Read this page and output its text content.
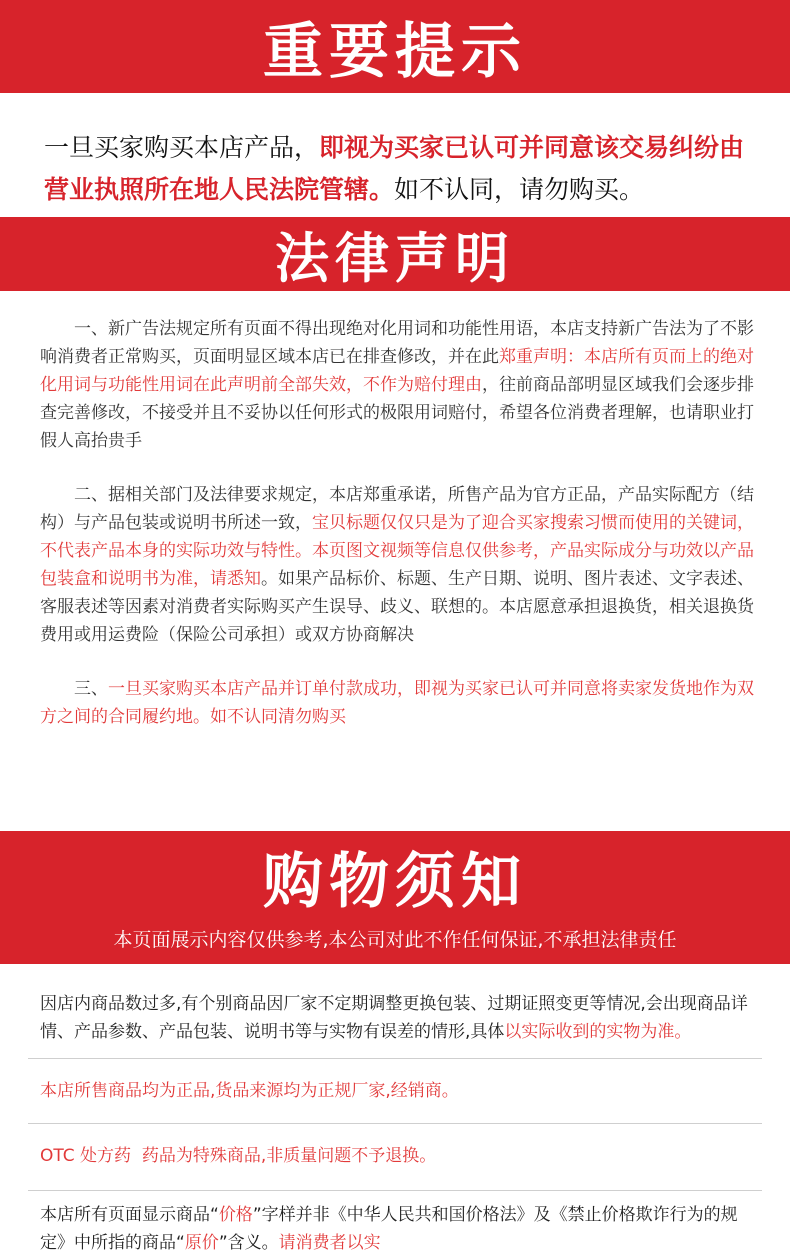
重要提示
一旦买家购买本店产品，即视为买家已认可并同意该交易纠纷由营业执照所在地人民法院管辖。如不认同，请勿购买。
法律声明

一、新广告法规定所有页面不得出现绝对化用词和功能性用语，本店支持新广告法为了不影响消费者正常购买，页面明显区域本店已在排查修改，并在此郑重声明：本店所有页而上的绝对化用词与功能性用词在此声明前全部失效，不作为赔付理由，往前商品部明显区域我们会逐步排查完善修改，不接受并且不妥协以任何形式的极限用词赔付，希望各位消费者理解，也请职业打假人高抬贵手

二、据相关部门及法律要求规定，本店郑重承诺，所售产品为官方正品，产品实际配方（结构）与产品包装或说明书所述一致，宝贝标题仅仅只是为了迎合买家搜索习惯而使用的关键词，不代表产品本身的实际功效与特性。本页图文视频等信息仅供参考，产品实际成分与功效以产品包装盒和说明书为准，请悉知。如果产品标价、标题、生产日期、说明、图片表述、文字表述、客服表述等因素对消费者实际购买产生误导、歧义、联想的。本店愿意承担退换货，相关退换货费用或用运费险（保险公司承担）或双方协商解决

三、一旦买家购买本店产品并订单付款成功，即视为买家已认可并同意将卖家发货地作为双方之间的合同履约地。如不认同清勿购买

购物须知
本页面展示内容仅供参考,本公司对此不作任何保证,不承担法律责任
因店内商品数过多,有个别商品因厂家不定期调整更换包装、过期证照变更等情况,会出现商品详情、产品参数、产品包装、说明书等与实物有误差的情形,具体以实际收到的实物为准。
本店所售商品均为正品,货品来源均为正规厂家,经销商。
OTC 处方药 药品为特殊商品,非质量问题不予退换。
本店所有页面显示商品“价格”字样并非《中华人民共和国价格法》及《禁止价格欺诈行为的规定》中所指的商品“原价”含义。请消费者以实
